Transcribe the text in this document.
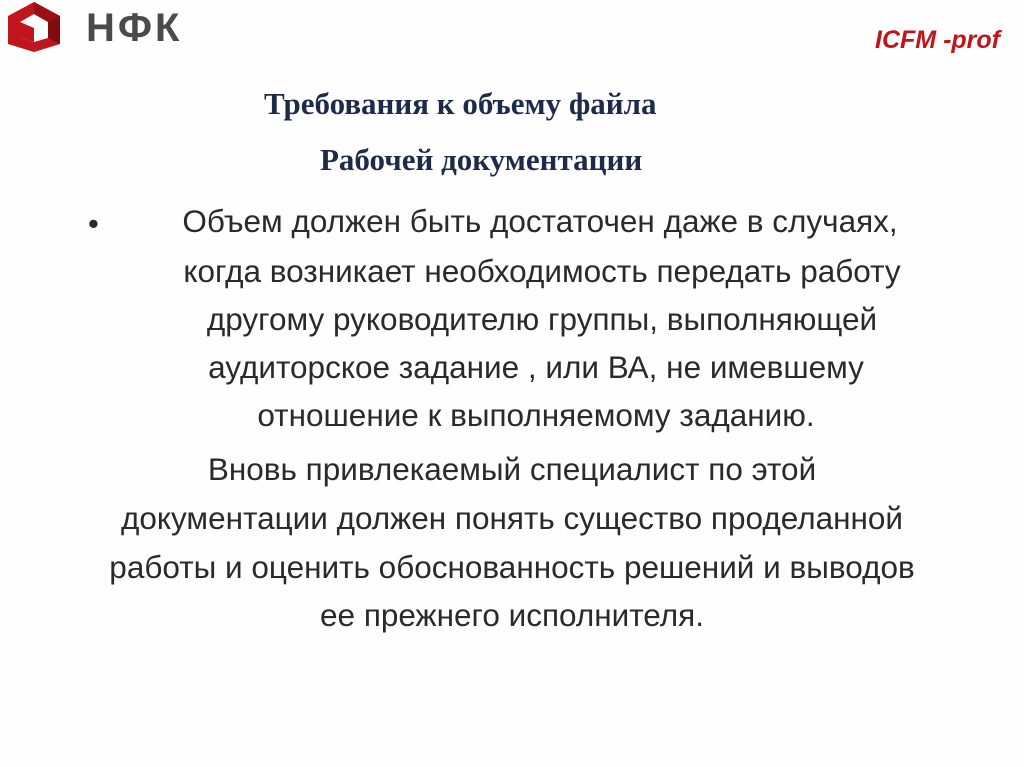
НФК	ICFM -prof
Требования к объему файла
Рабочей документации
•	Объем должен быть достаточен даже в случаях,
когда возникает необходимость передать работу
другому руководителю группы, выполняющей
аудиторское задание , или ВА, не имевшему
отношение к выполняемому заданию.
Вновь привлекаемый специалист по этой
документации должен понять существо проделанной
работы и оценить обоснованность решений и выводов
ее прежнего исполнителя.
